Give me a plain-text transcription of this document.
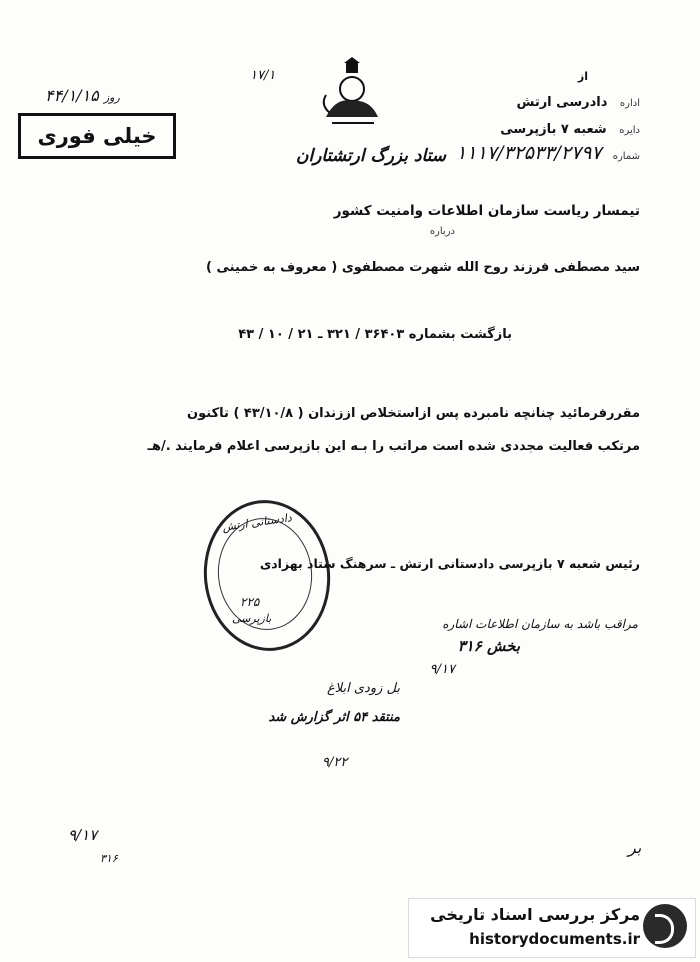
۴۴/۱/۱۵ روز
خیلی فوری
۱۷/۱
ستاد بزرگ ارتشتاران
از
اداره دادرسی ارتش
دایره شعبه ۷ بازپرسی
شماره ۱۱۱۷/۳۲۵۳۳/۲۷۹۷
تیمسار ریاست سازمان اطلاعات وامنیت کشور
درباره
سید مصطفی فرزند روح الله شهرت مصطفوی ( معروف به خمینی )
بازگشت بشماره ۳۶۴۰۳ / ۳۲۱ ـ ۲۱ / ۱۰ / ۴۳
مقررفرمائید چنانچه نامبرده پس ازاستخلاص اززندان ( ۴۳/۱۰/۸ ) تاکنون
مرتکب فعالیت مجددی شده است مراتب را بـه این بازپرسی اعلام فرمایند ./هـ
دادستانی ارتش
۲۲۵
بازپرسی
رئیس شعبه ۷ بازپرسی دادستانی ارتش ـ سرهنگ ستاد بهزادی
مراقب باشد به سازمان اطلاعات اشاره
بخش ۳۱۶
۹/۱۷
بل زودی ابلاغ
منتقد ۵۴ اثر گزارش شد
۹/۲۲
۹/۱۷
۳۱۶
بر
مرکز بررسی اسناد تاریخی
historydocuments.ir
